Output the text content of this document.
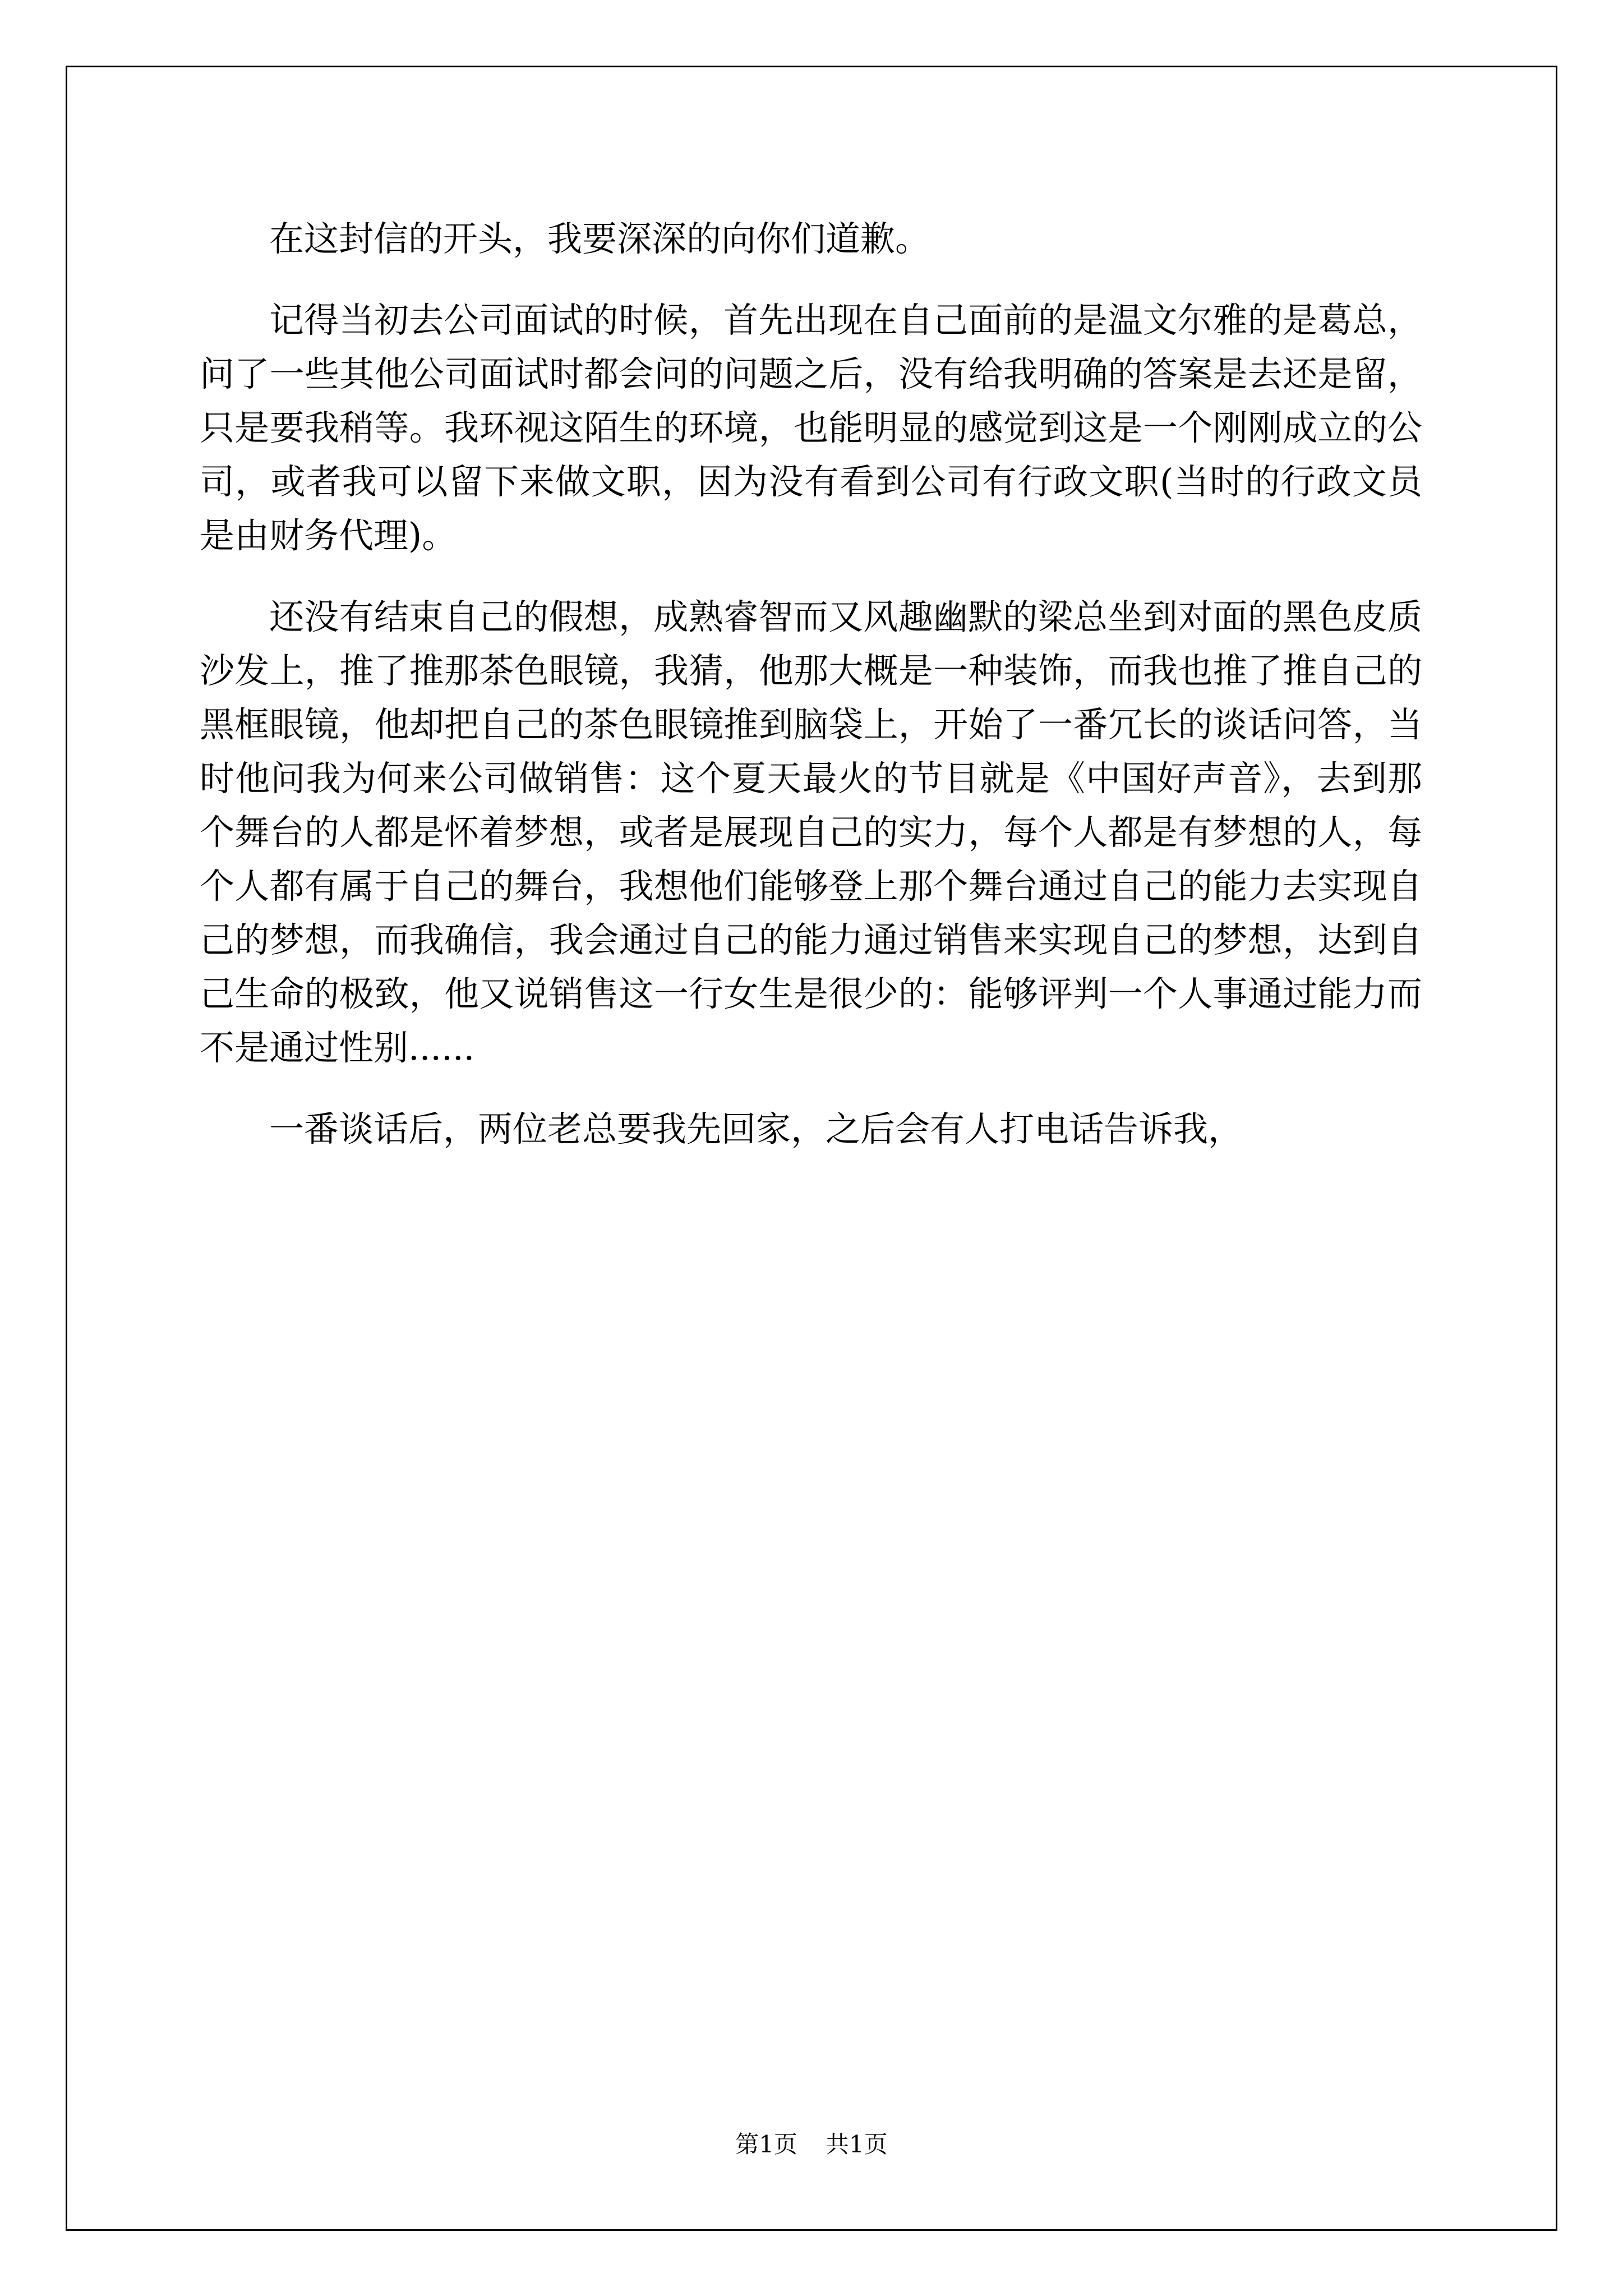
在这封信的开头，我要深深的向你们道歉。

记得当初去公司面试的时候，首先出现在自己面前的是温文尔雅的是葛总，问了一些其他公司面试时都会问的问题之后，没有给我明确的答案是去还是留，只是要我稍等。我环视这陌生的环境，也能明显的感觉到这是一个刚刚成立的公司，或者我可以留下来做文职，因为没有看到公司有行政文职(当时的行政文员是由财务代理)。

还没有结束自己的假想，成熟睿智而又风趣幽默的梁总坐到对面的黑色皮质沙发上，推了推那茶色眼镜，我猜，他那大概是一种装饰，而我也推了推自己的黑框眼镜，他却把自己的茶色眼镜推到脑袋上，开始了一番冗长的谈话问答，当时他问我为何来公司做销售：这个夏天最火的节目就是《中国好声音》，去到那个舞台的人都是怀着梦想，或者是展现自己的实力，每个人都是有梦想的人，每个人都有属于自己的舞台，我想他们能够登上那个舞台通过自己的能力去实现自己的梦想，而我确信，我会通过自己的能力通过销售来实现自己的梦想，达到自己生命的极致，他又说销售这一行女生是很少的：能够评判一个人事通过能力而不是通过性别......

一番谈话后，两位老总要我先回家，之后会有人打电话告诉我，

第1页 共1页
